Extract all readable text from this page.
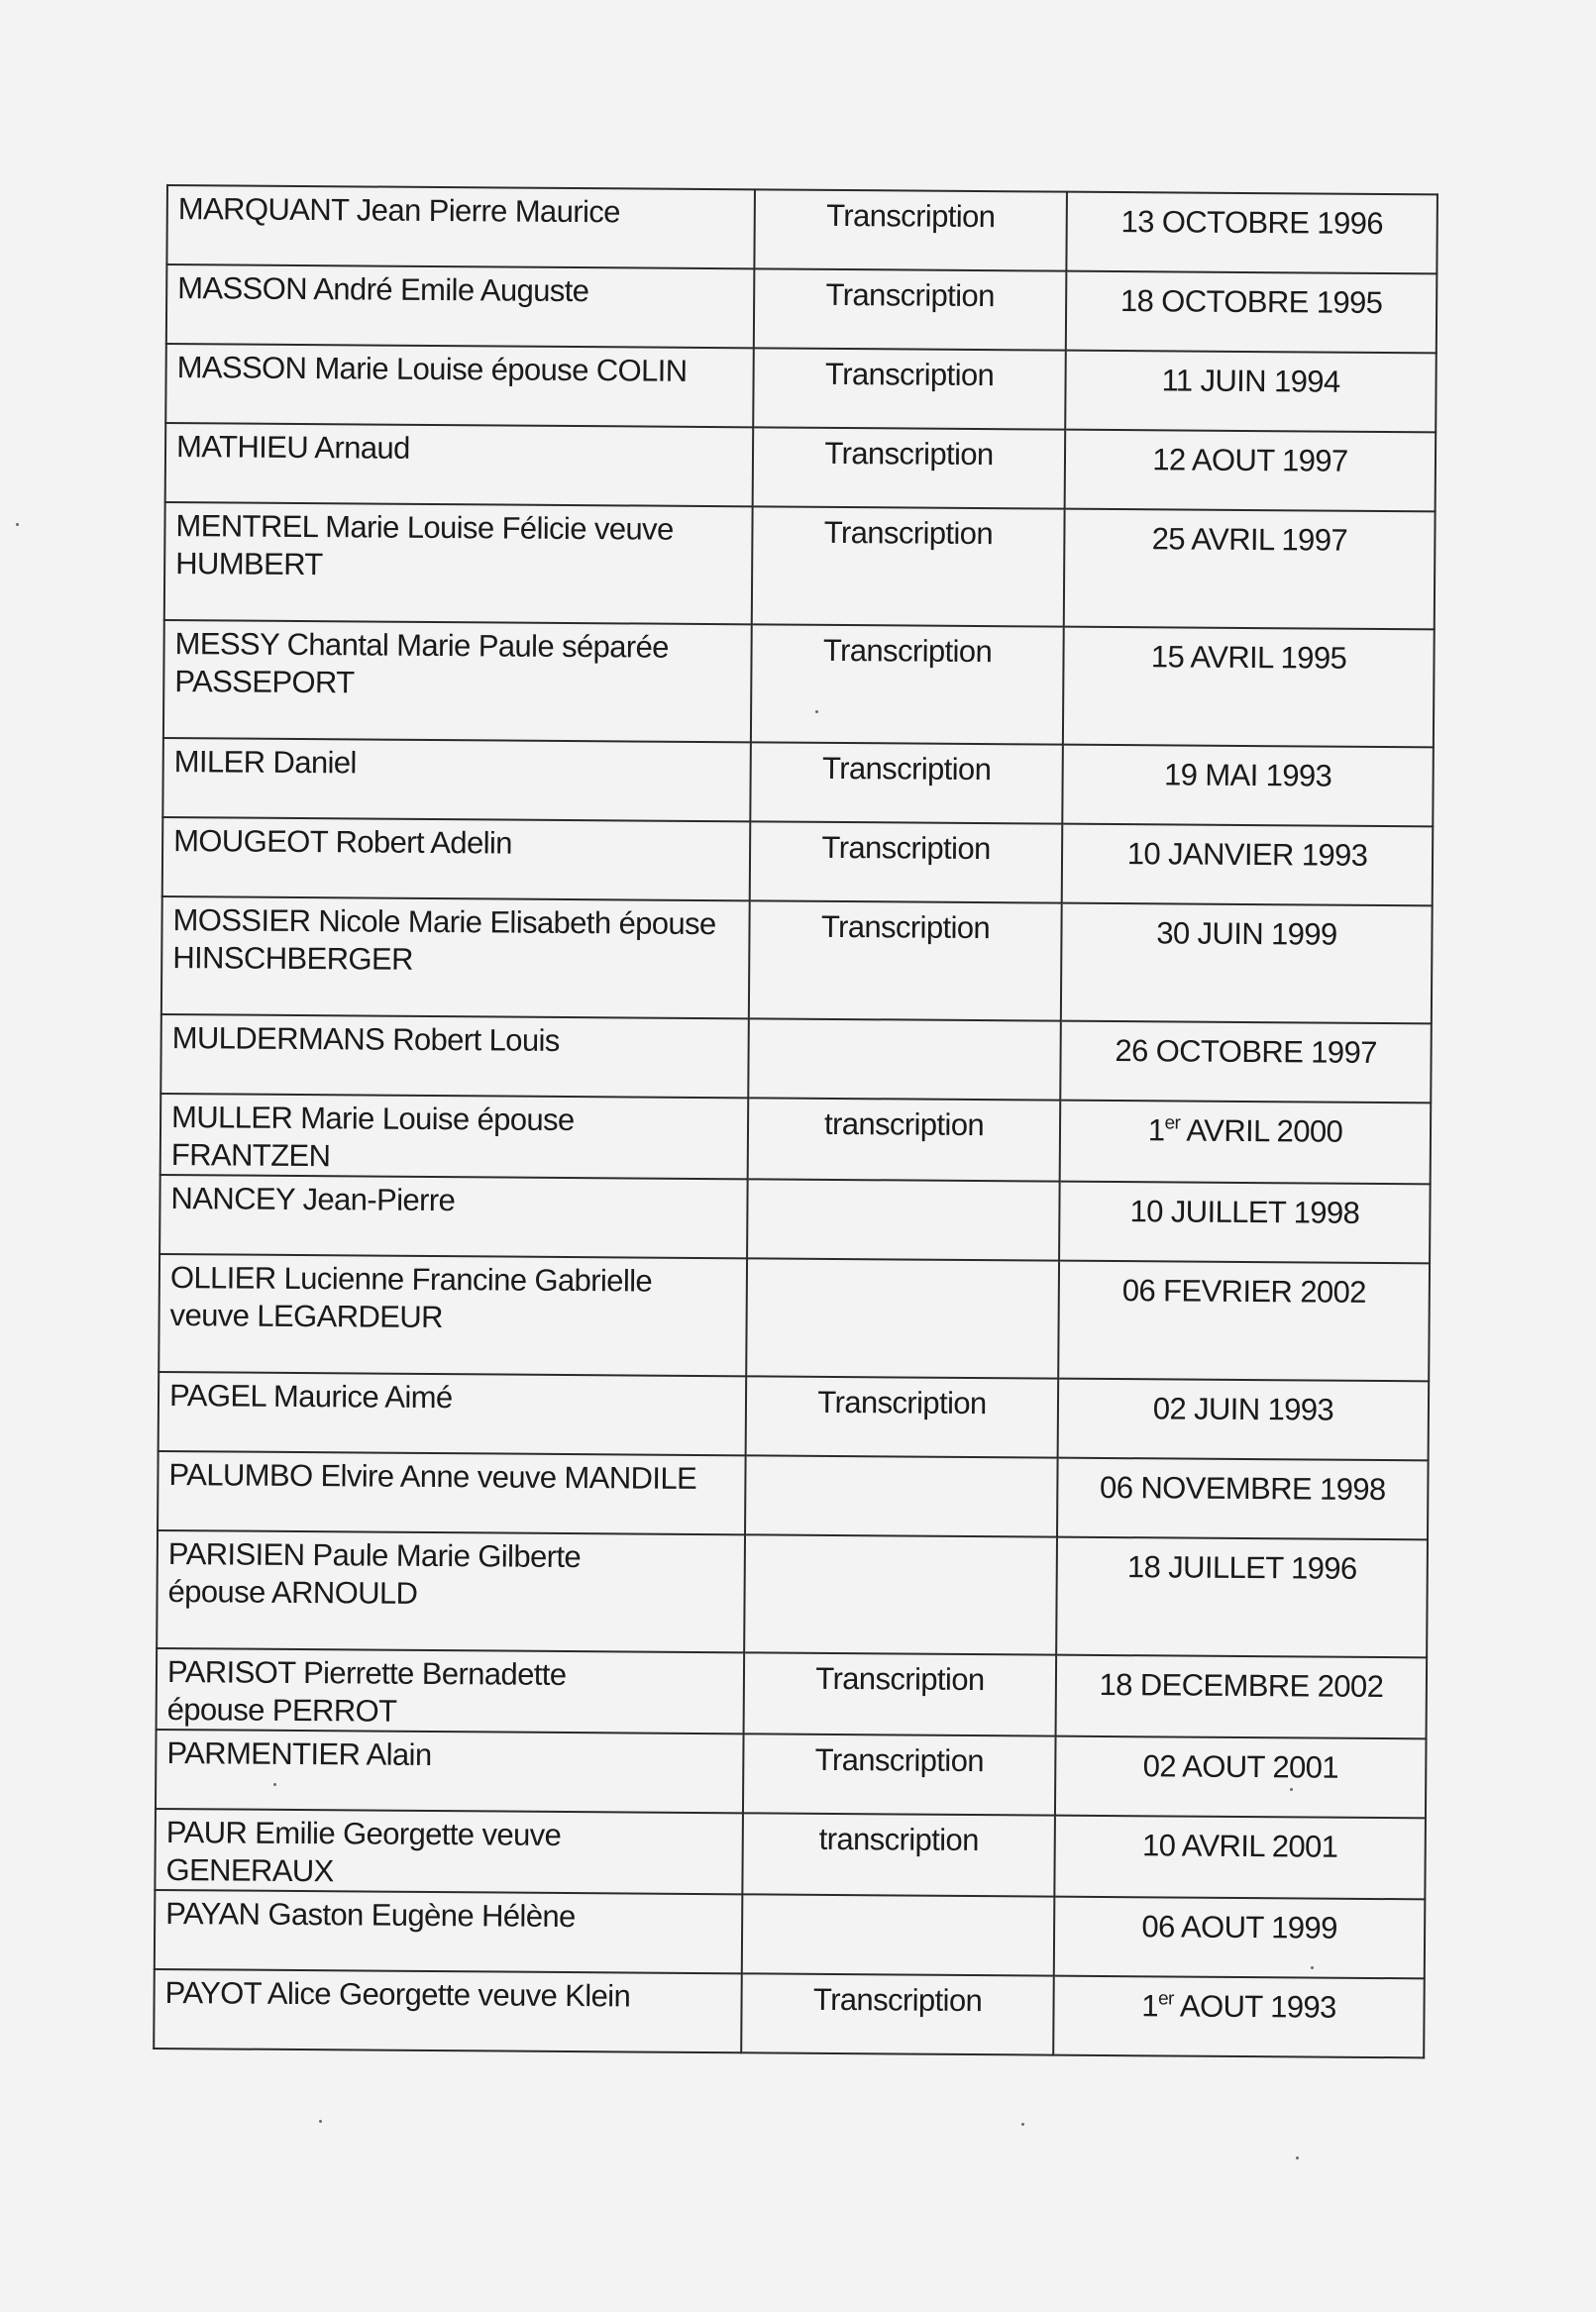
MARQUANT Jean Pierre Maurice	Transcription	13 OCTOBRE 1996
MASSON André Emile Auguste	Transcription	18 OCTOBRE 1995
MASSON Marie Louise épouse COLIN	Transcription	11 JUIN 1994
MATHIEU Arnaud	Transcription	12 AOUT 1997
MENTREL Marie Louise Félicie veuve
HUMBERT	Transcription	25 AVRIL 1997
MESSY Chantal Marie Paule séparée
PASSEPORT	Transcription	15 AVRIL 1995
MILER Daniel	Transcription	19 MAI 1993
MOUGEOT Robert Adelin	Transcription	10 JANVIER 1993
MOSSIER Nicole Marie Elisabeth épouse
HINSCHBERGER	Transcription	30 JUIN 1999
MULDERMANS Robert Louis		26 OCTOBRE 1997
MULLER Marie Louise épouse FRANTZEN	transcription	1er AVRIL 2000
NANCEY Jean-Pierre		10 JUILLET 1998
OLLIER Lucienne Francine Gabrielle
veuve LEGARDEUR		06 FEVRIER 2002
PAGEL Maurice Aimé	Transcription	02 JUIN 1993
PALUMBO Elvire Anne veuve MANDILE		06 NOVEMBRE 1998
PARISIEN Paule Marie Gilberte
épouse ARNOULD		18 JUILLET 1996
PARISOT Pierrette Bernadette
épouse PERROT	Transcription	18 DECEMBRE 2002
PARMENTIER Alain	Transcription	02 AOUT 2001
PAUR Emilie Georgette veuve GENERAUX	transcription	10 AVRIL 2001
PAYAN Gaston Eugène Hélène		06 AOUT 1999
PAYOT Alice Georgette veuve Klein	Transcription	1er AOUT 1993
